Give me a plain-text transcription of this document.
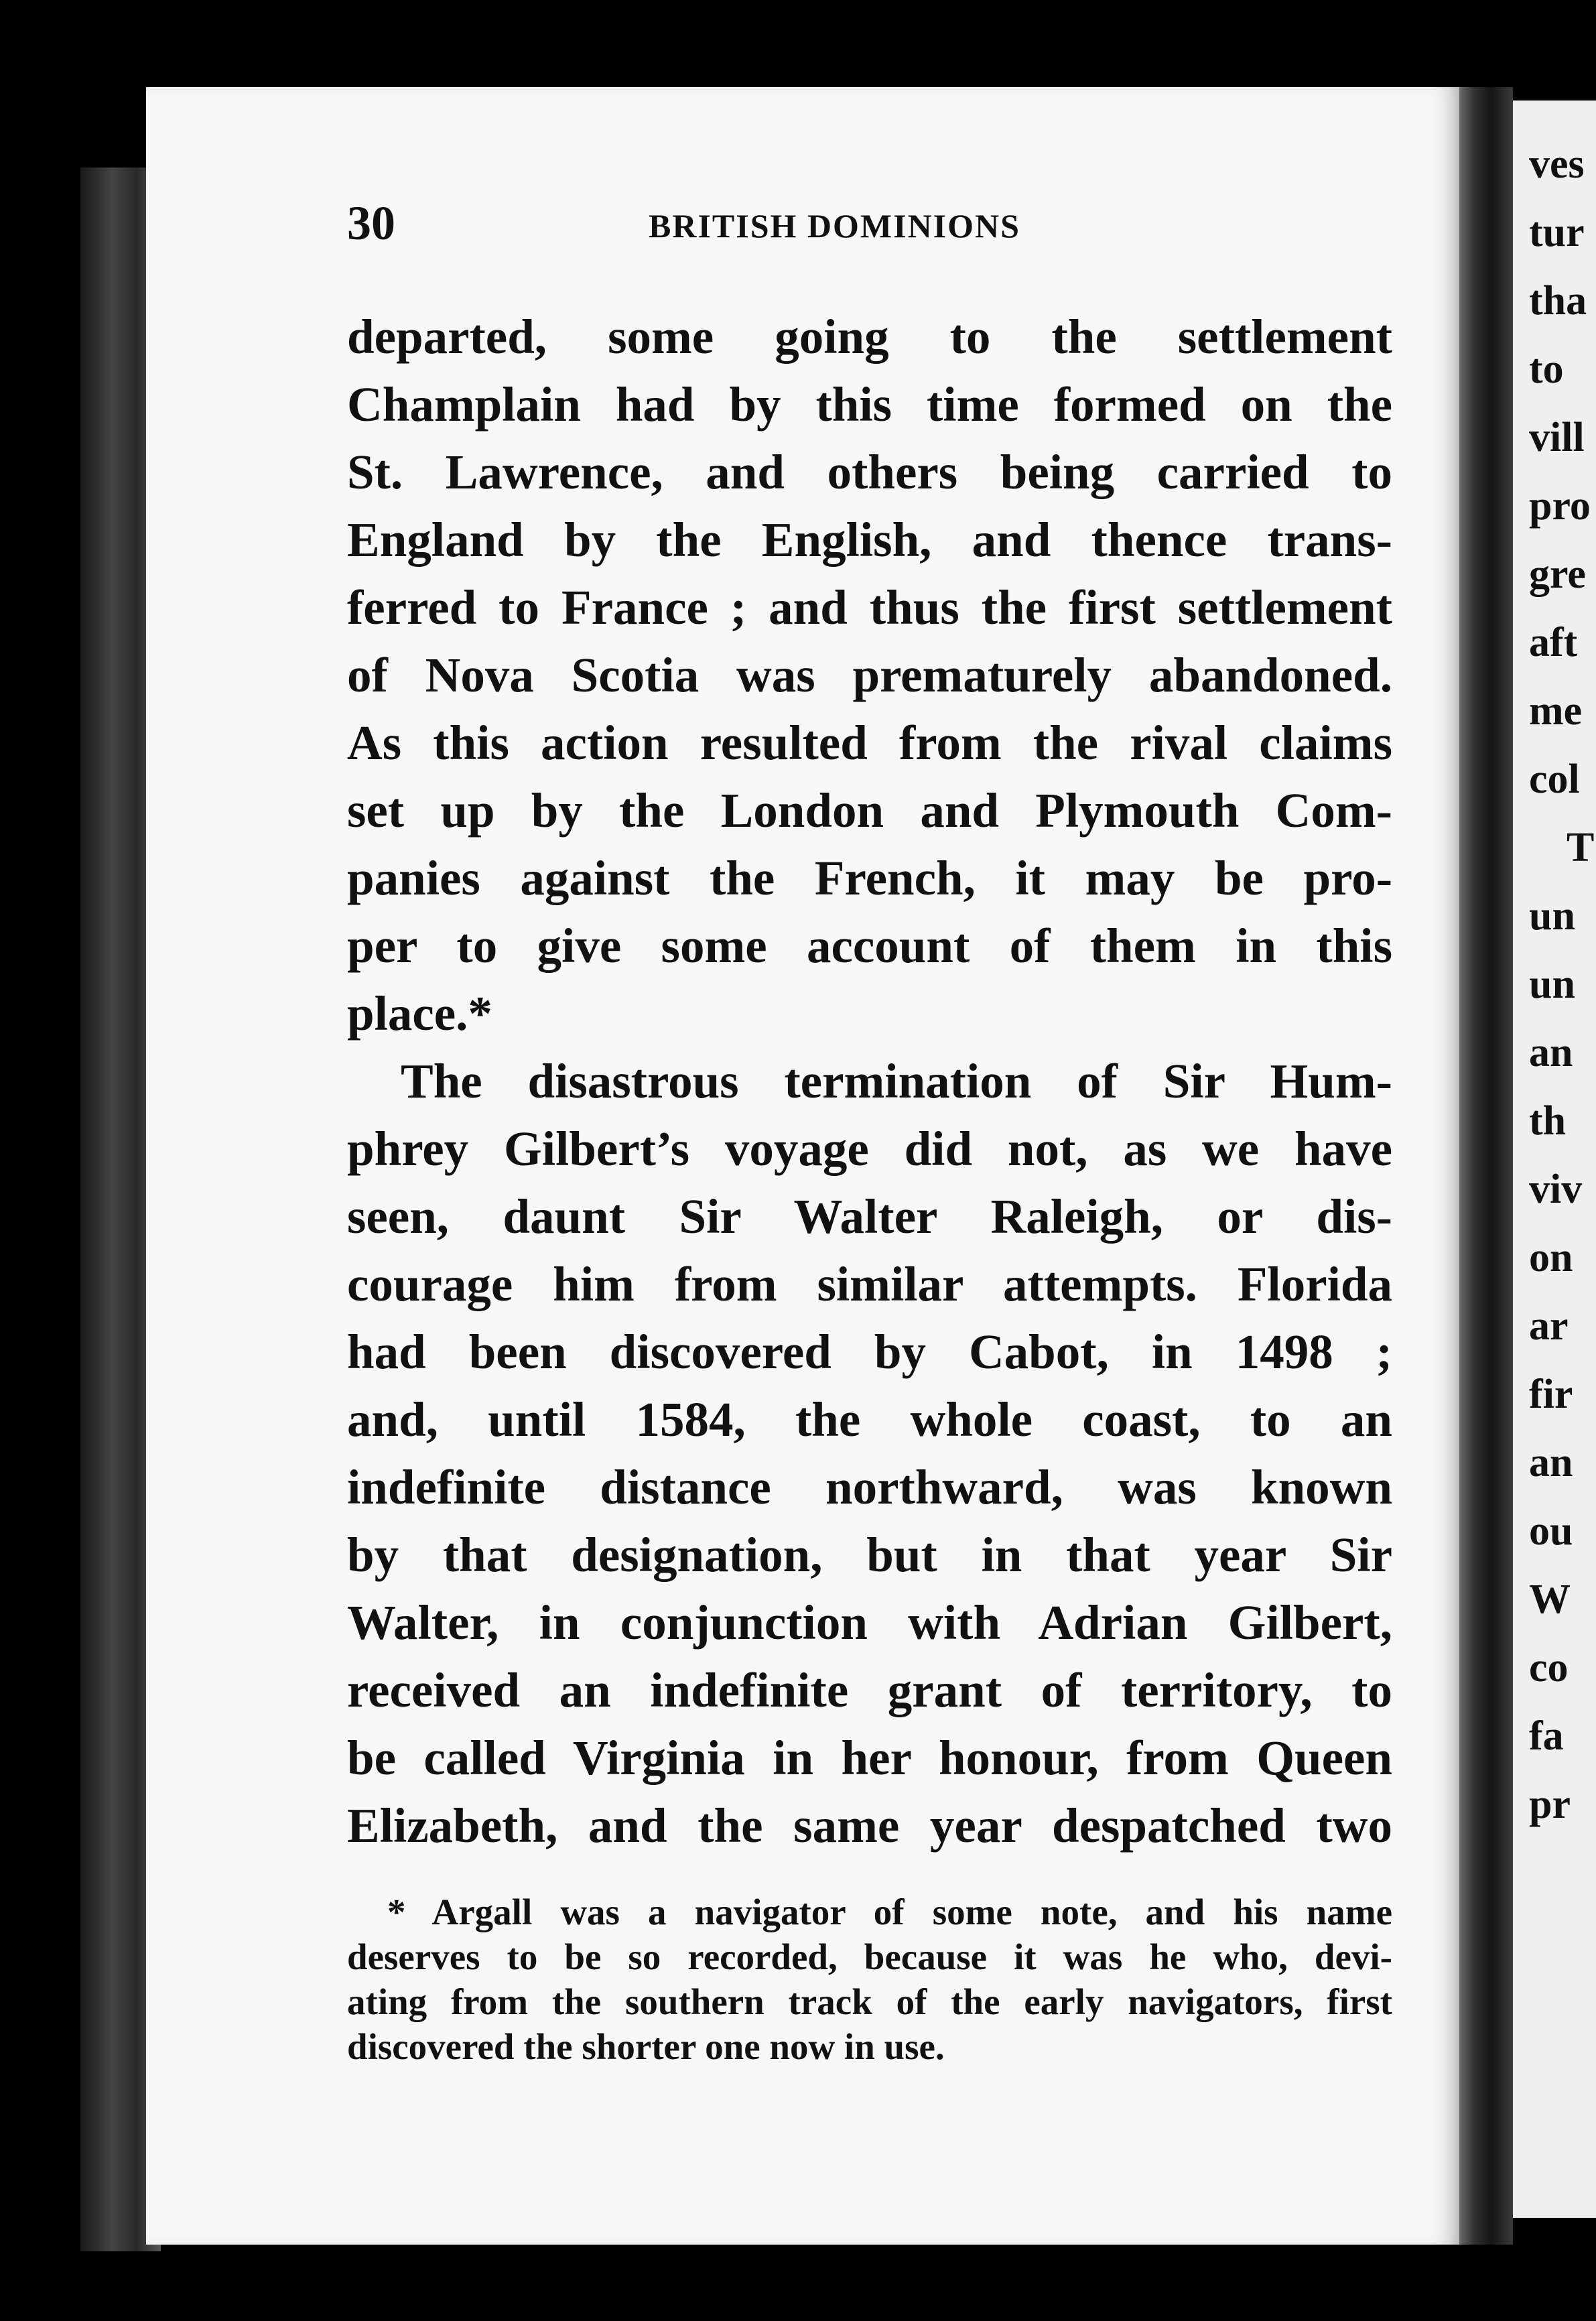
ves
tur
tha
to
vill
pro
gre
aft
me
col
T
un
un
an
th
viv
on
ar
fir
an
ou
W
co
fa
pr
30	BRITISH DOMINIONS
departed, some going to the settlement
Champlain had by this time formed on the
St. Lawrence, and others being carried to
England by the English, and thence trans-
ferred to France ; and thus the first settlement
of Nova Scotia was prematurely abandoned.
As this action resulted from the rival claims
set up by the London and Plymouth Com-
panies against the French, it may be pro-
per to give some account of them in this
place.*
The disastrous termination of Sir Hum-
phrey Gilbert’s voyage did not, as we have
seen, daunt Sir Walter Raleigh, or dis-
courage him from similar attempts. Florida
had been discovered by Cabot, in 1498 ;
and, until 1584, the whole coast, to an
indefinite distance northward, was known
by that designation, but in that year Sir
Walter, in conjunction with Adrian Gilbert,
received an indefinite grant of territory, to
be called Virginia in her honour, from Queen
Elizabeth, and the same year despatched two
* Argall was a navigator of some note, and his name
deserves to be so recorded, because it was he who, devi-
ating from the southern track of the early navigators, first
discovered the shorter one now in use.
